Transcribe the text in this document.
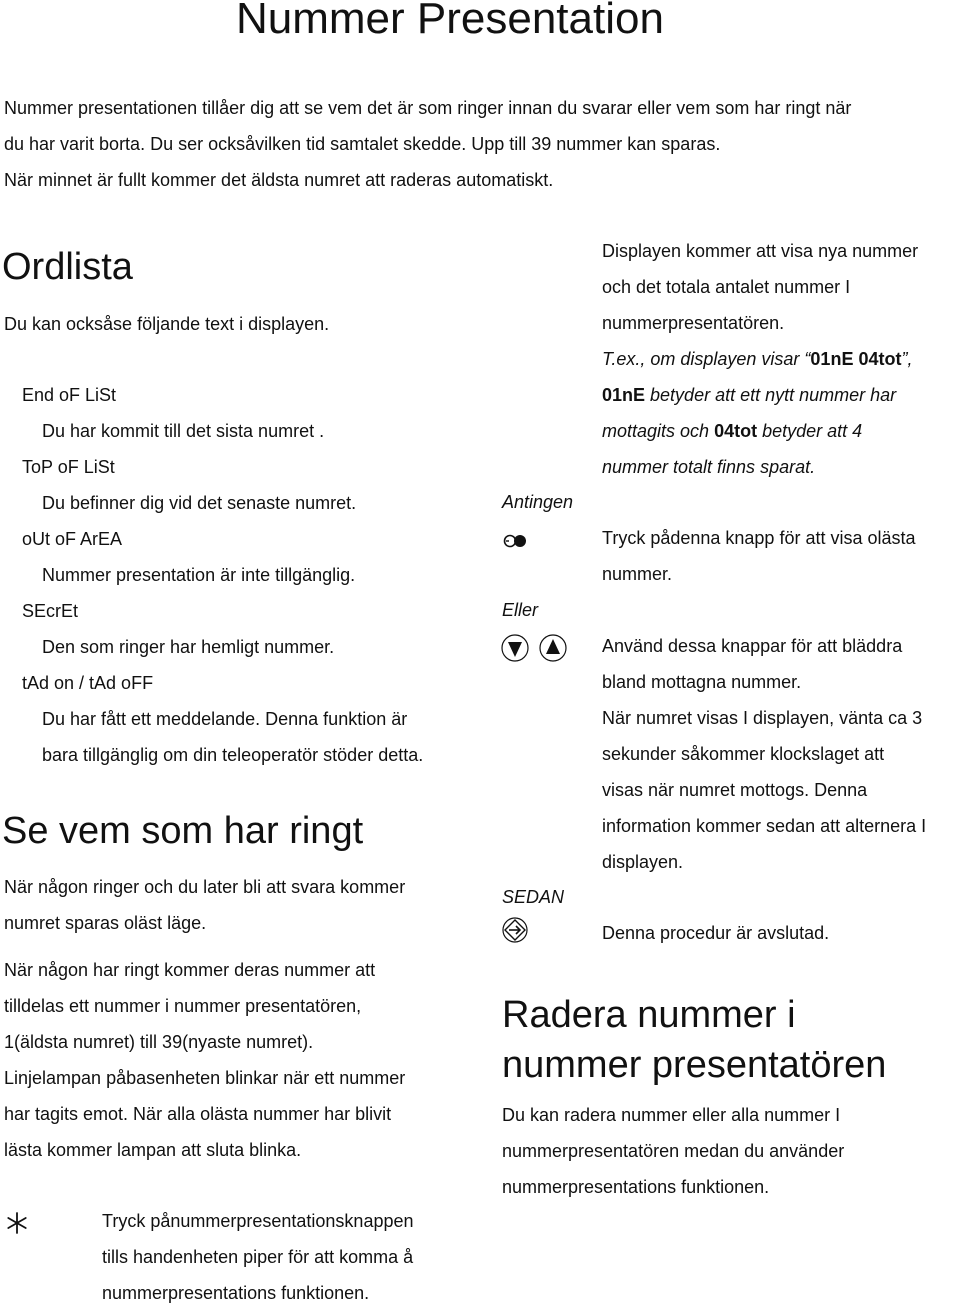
Nummer Presentation
Nummer presentationen tillåer dig att se vem det är som ringer innan du svarar eller vem som har ringt när
du har varit borta. Du ser ocksåvilken tid samtalet skedde. Upp till 39 nummer kan sparas.
När minnet är fullt kommer det äldsta numret att raderas automatiskt.
Ordlista
Du kan ocksåse följande text i displayen.
End oF LiSt
Du har kommit till det sista numret .
ToP oF LiSt
Du befinner dig vid det senaste numret.
oUt oF ArEA
Nummer presentation är inte tillgänglig.
SEcrEt
Den som ringer har hemligt nummer.
tAd on / tAd oFF
Du har fått ett meddelande. Denna funktion är
bara tillgänglig om din teleoperatör stöder detta.
Se vem som har ringt
När någon ringer och du later bli att svara kommer
numret sparas oläst läge.
När någon har ringt kommer deras nummer att
tilldelas ett nummer i nummer presentatören,
1(äldsta numret) till 39(nyaste numret).
Linjelampan påbasenheten blinkar när ett nummer
har tagits emot. När alla olästa nummer har blivit
lästa kommer lampan att sluta blinka.
Tryck pånummerpresentationsknappen
tills handenheten piper för att komma å
nummerpresentations funktionen.
Displayen kommer att visa nya nummer
och det totala antalet nummer I
nummerpresentatören.
T.ex., om displayen visar “01nE 04tot”,
01nE betyder att ett nytt nummer har
mottagits och 04tot betyder att 4
nummer totalt finns sparat.
Antingen
Tryck pådenna knapp för att visa olästa
nummer.
Eller
Använd dessa knappar för att bläddra
bland mottagna nummer.
När numret visas I displayen, vänta ca 3
sekunder såkommer klockslaget att
visas när numret mottogs. Denna
information kommer sedan att alternera I
displayen.
SEDAN
Denna procedur är avslutad.
Radera nummer i
nummer presentatören
Du kan radera nummer eller alla nummer I
nummerpresentatören medan du använder
nummerpresentations funktionen.
